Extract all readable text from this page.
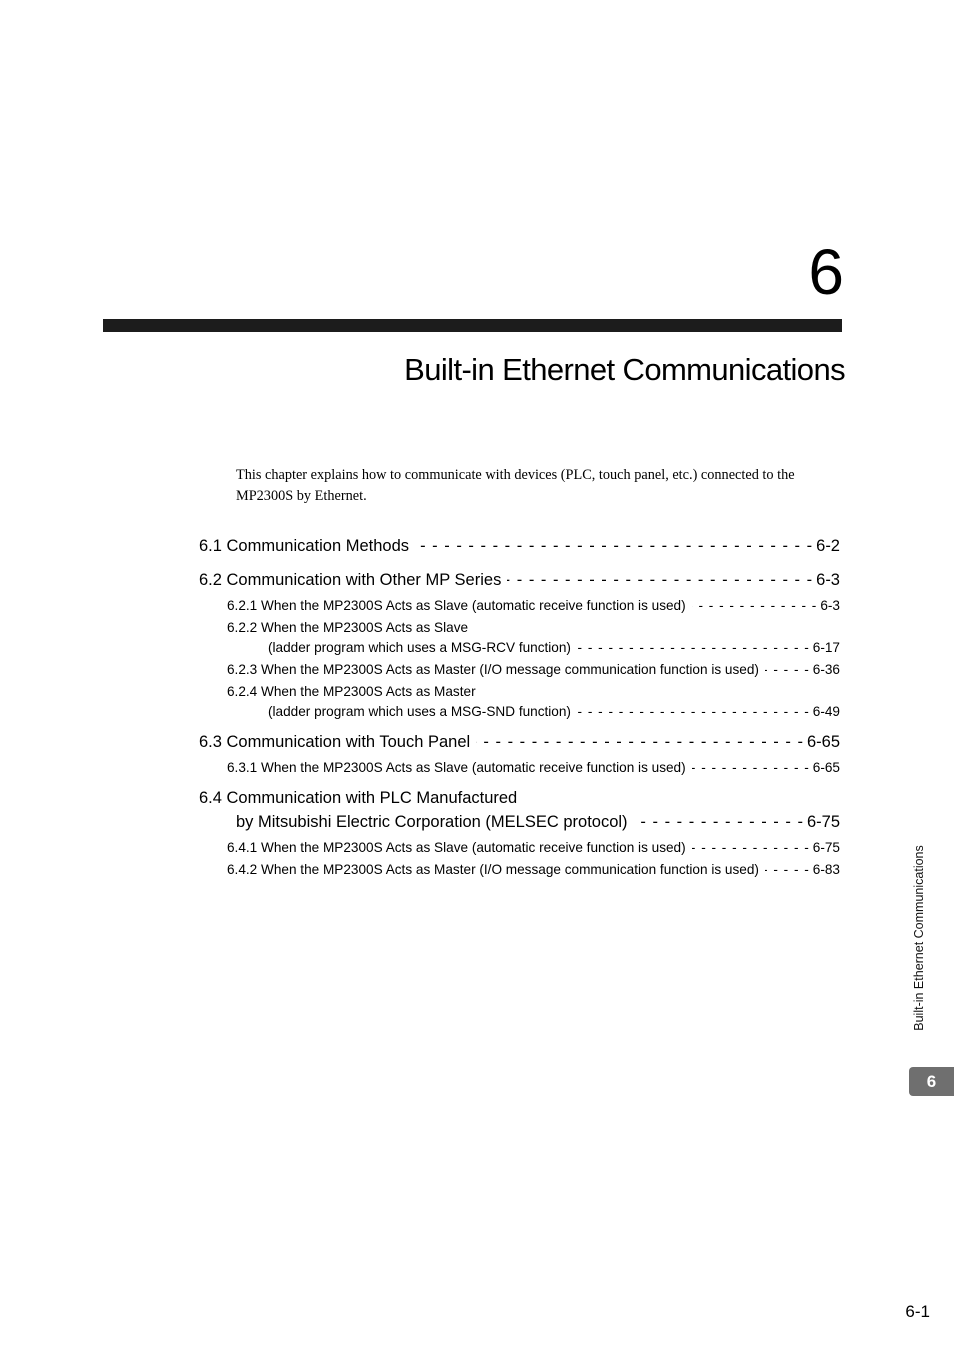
6
Built-in Ethernet Communications
This chapter explains how to communicate with devices (PLC, touch panel, etc.) connected to the MP2300S by Ethernet.
6.1 Communication Methods - - -	6-2
6.2 Communication with Other MP Series - - -	6-3
6.2.1 When the MP2300S Acts as Slave (automatic receive function is used) - - -	6-3
6.2.2 When the MP2300S Acts as Slave
(ladder program which uses a MSG-RCV function) - - -	6-17
6.2.3 When the MP2300S Acts as Master (I/O message communication function is used) - - -	6-36
6.2.4 When the MP2300S Acts as Master
(ladder program which uses a MSG-SND function) - - -	6-49
6.3 Communication with Touch Panel - - -	6-65
6.3.1 When the MP2300S Acts as Slave (automatic receive function is used) - - -	6-65
6.4 Communication with PLC Manufactured
by Mitsubishi Electric Corporation (MELSEC protocol) - - -	6-75
6.4.1 When the MP2300S Acts as Slave (automatic receive function is used) - - -	6-75
6.4.2 When the MP2300S Acts as Master (I/O message communication function is used) - - -	6-83	Built-in Ethernet Communications
6
6-1
